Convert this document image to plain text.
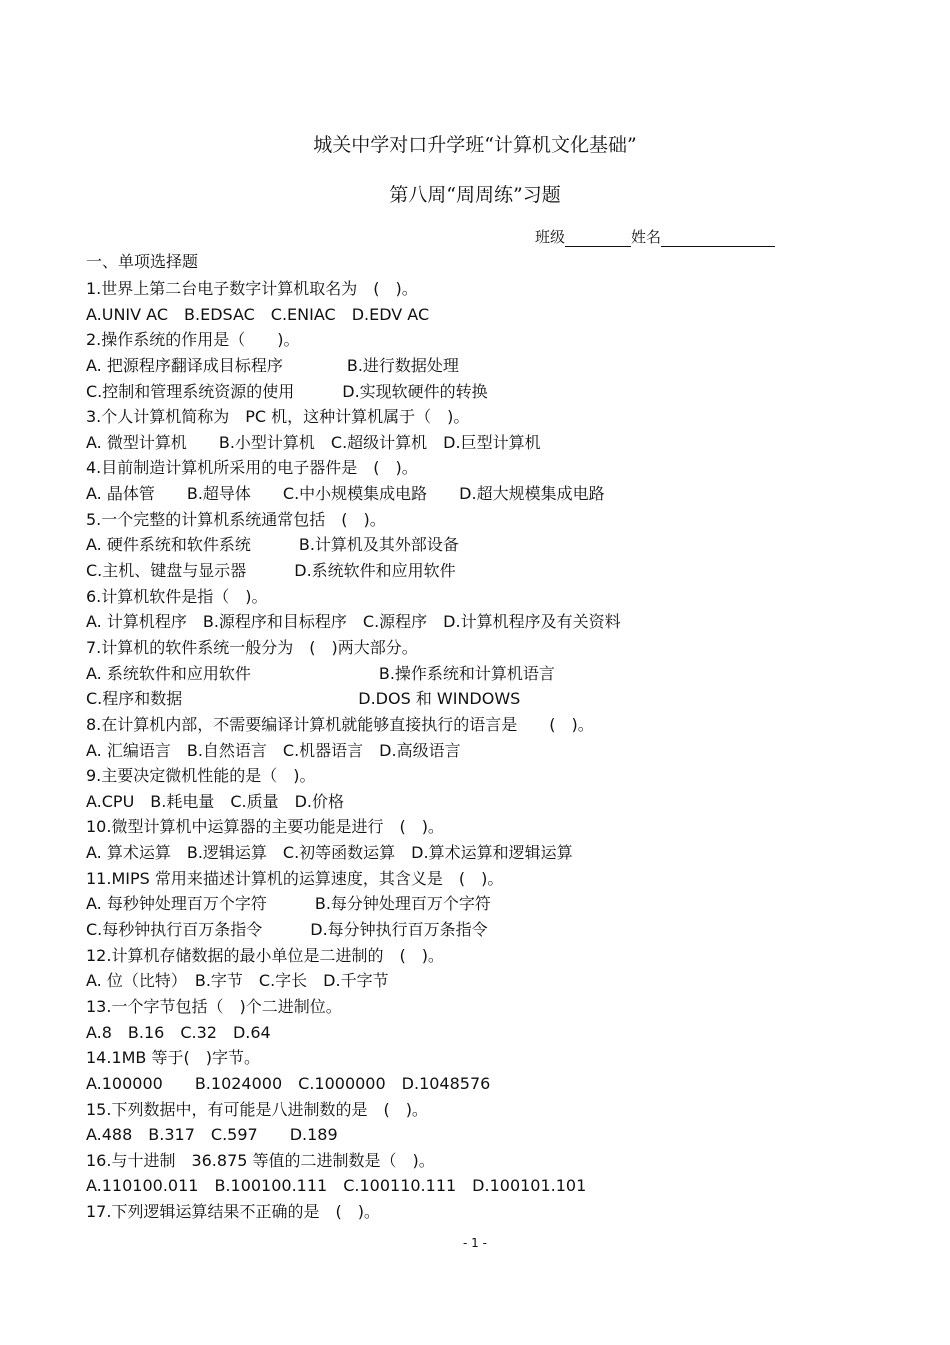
城关中学对口升学班“计算机文化基础”
第八周“周周练”习题
班级	姓名
一、单项选择题
1.世界上第二台电子数字计算机取名为　(　)。
A.UNIV AC　B.EDSAC　C.ENIAC　D.EDV AC
2.操作系统的作用是（　　)。
A. 把源程序翻译成目标程序　　　　B.进行数据处理
C.控制和管理系统资源的使用　　　D.实现软硬件的转换
3.个人计算机简称为　PC 机，这种计算机属于（　)。
A. 微型计算机　　B.小型计算机　C.超级计算机　D.巨型计算机
4.目前制造计算机所采用的电子器件是　(　)。
A. 晶体管　　B.超导体　　C.中小规模集成电路　　D.超大规模集成电路
5.一个完整的计算机系统通常包括　(　)。
A. 硬件系统和软件系统　　　B.计算机及其外部设备
C.主机、键盘与显示器　　　D.系统软件和应用软件
6.计算机软件是指（　)。
A. 计算机程序　B.源程序和目标程序　C.源程序　D.计算机程序及有关资料
7.计算机的软件系统一般分为　(　)两大部分。
A. 系统软件和应用软件　　　　　　　　B.操作系统和计算机语言
C.程序和数据　　　　　　　　　　　D.DOS 和 WINDOWS
8.在计算机内部，不需要编译计算机就能够直接执行的语言是　　(　)。
A. 汇编语言　B.自然语言　C.机器语言　D.高级语言
9.主要决定微机性能的是（　)。
A.CPU　B.耗电量　C.质量　D.价格
10.微型计算机中运算器的主要功能是进行　(　)。
A. 算术运算　B.逻辑运算　C.初等函数运算　D.算术运算和逻辑运算
11.MIPS 常用来描述计算机的运算速度，其含义是　(　)。
A. 每秒钟处理百万个字符　　　B.每分钟处理百万个字符
C.每秒钟执行百万条指令　　　D.每分钟执行百万条指令
12.计算机存储数据的最小单位是二进制的　(　)。
A. 位（比特）　B.字节　C.字长　D.千字节
13.一个字节包括（　)个二进制位。
A.8　B.16　C.32　D.64
14.1MB 等于(　)字节。
A.100000　　B.1024000　C.1000000　D.1048576
15.下列数据中，有可能是八进制数的是　(　)。
A.488　B.317　C.597　　D.189
16.与十进制　36.875 等值的二进制数是（　)。
A.110100.011　B.100100.111　C.100110.111　D.100101.101
17.下列逻辑运算结果不正确的是　(　)。
- 1 -
